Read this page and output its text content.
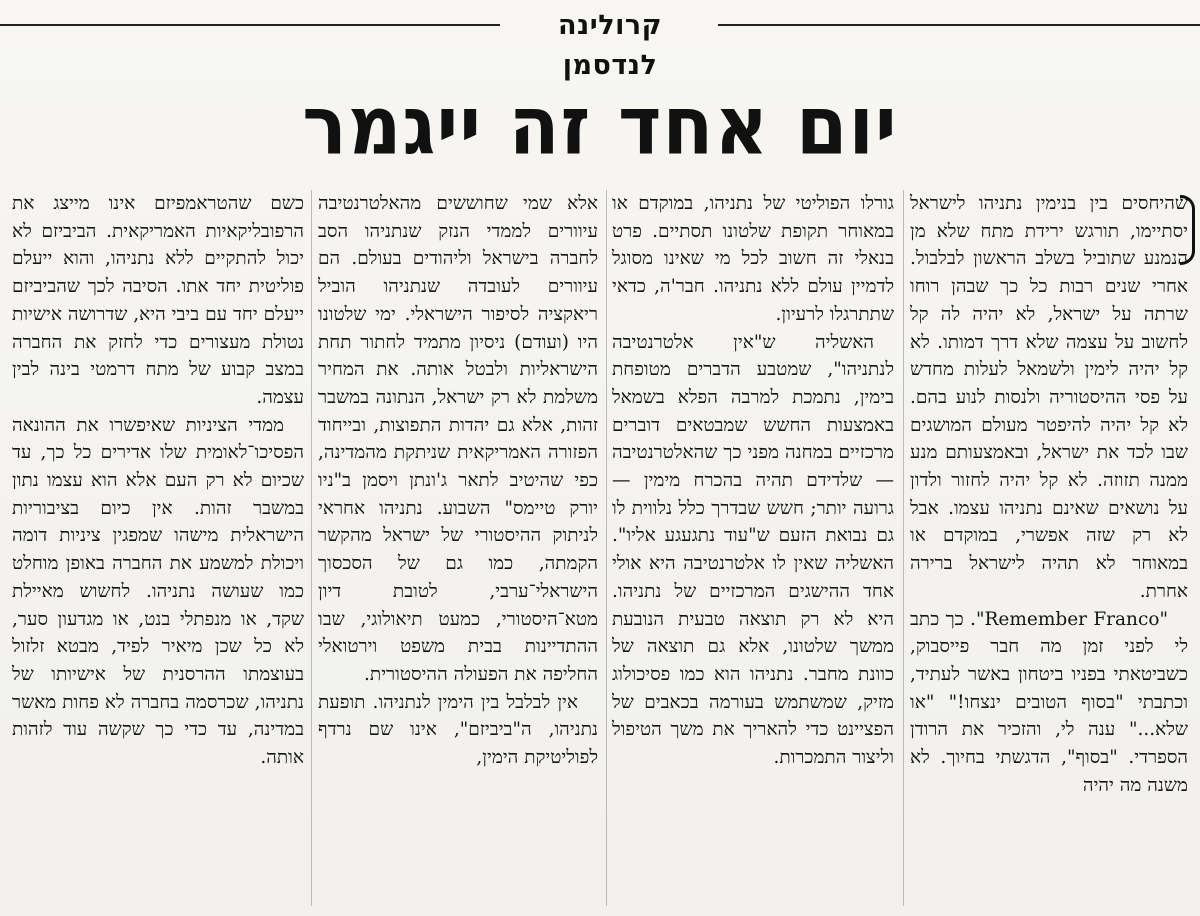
קרולינה לנדסמן
יום אחד זה ייגמר

שהיחסים בין בנימין נתניהו לישראל יסתיימו, תורגש ירידת מתח שלא מן הנמנע שתוביל בשלב הראשון לבלבול. אחרי שנים רבות כל כך שבהן רוחו שרתה על ישראל, לא יהיה לה קל לחשוב על עצמה שלא דרך דמותו. לא קל יהיה לימין ולשמאל לעלות מחדש על פסי ההיסטוריה ולנסות לנוע בהם. לא קל יהיה להיפטר מעולם המושגים שבו לכד את ישראל, ובאמצעותם מנע ממנה תזוזה. לא קל יהיה לחזור ולדון על נושאים שאינם נתניהו עצמו. אבל לא רק שזה אפשרי, במוקדם או במאוחר לא תהיה לישראל ברירה אחרת.

"Remember Franco". כך כתב לי לפני זמן מה חבר פייסבוק, כשביטאתי בפניו ביטחון באשר לעתיד, וכתבתי "בסוף הטובים ינצחו!" "או שלא..." ענה לי, והזכיר את הרודן הספרדי. "בסוף", הדגשתי בחיוך. לא משנה מה יהיה

גורלו הפוליטי של נתניהו, במוקדם או במאוחר תקופת שלטונו תסתיים. פרט בנאלי זה חשוב לכל מי שאינו מסוגל לדמיין עולם ללא נתניהו. חבר'ה, כדאי שתתרגלו לרעיון.

האשליה ש"אין אלטרנטיבה לנתניהו", שמטבע הדברים מטופחת בימין, נתמכת למרבה הפלא בשמאל באמצעות החשש שמבטאים דוברים מרכזיים במחנה מפני כך שהאלטרנטיבה — שלדידם תהיה בהכרח מימין — גרועה יותר; חשש שבדרך כלל נלווית לו גם נבואת הזעם ש"עוד נתגעגע אליו". האשליה שאין לו אלטרנטיבה היא אולי אחד ההישגים המרכזיים של נתניהו. היא לא רק תוצאה טבעית הנובעת ממשך שלטונו, אלא גם תוצאה של כוונת מחבר. נתניהו הוא כמו פסיכולוג מזיק, שמשתמש בעורמה בכאבים של הפציינט כדי להאריך את משך הטיפול וליצור התמכרות.

אלא שמי שחוששים מהאלטרנטיבה עיוורים לממדי הנזק שנתניהו הסב לחברה בישראל וליהודים בעולם. הם עיוורים לעובדה שנתניהו הוביל ריאקציה לסיפור הישראלי. ימי שלטונו היו (ועודם) ניסיון מתמיד לחתור תחת הישראליות ולבטל אותה. את המחיר משלמת לא רק ישראל, הנתונה במשבר זהות, אלא גם יהדות התפוצות, ובייחוד הפזורה האמריקאית שניתקת מהמדינה, כפי שהיטיב לתאר ג'ונתן ויסמן ב"ניו יורק טיימס" השבוע. נתניהו אחראי לניתוק ההיסטורי של ישראל מהקשר הקמתה, כמו גם של הסכסוך הישראלי־ערבי, לטובת דיון מטא־היסטורי, כמעט תיאולוגי, שבו ההתדיינות בבית משפט וירטואלי החליפה את הפעולה ההיסטורית.

אין לבלבל בין הימין לנתניהו. תופעת נתניהו, ה"ביביזם", אינו שם נרדף לפוליטיקת הימין,

כשם שהטראמפיזם אינו מייצג את הרפובליקאיות האמריקאית. הביביזם לא יכול להתקיים ללא נתניהו, והוא ייעלם פוליטית יחד אתו. הסיבה לכך שהביביזם ייעלם יחד עם ביבי היא, שדרושה אישיות נטולת מעצורים כדי לחזק את החברה במצב קבוע של מתח דרמטי בינה לבין עצמה.

ממדי הציניות שאיפשרו את ההונאה הפסיכו־לאומית שלו אדירים כל כך, עד שכיום לא רק העם אלא הוא עצמו נתון במשבר זהות. אין כיום בציבוריות הישראלית מישהו שמפגין ציניות דומה ויכולת למשמע את החברה באופן מוחלט כמו שעושה נתניהו. לחשוש מאיילת שקד, או מנפתלי בנט, או מגדעון סער, לא כל שכן מיאיר לפיד, מבטא זלזול בעוצמתו ההרסנית של אישיותו של נתניהו, שכרסמה בחברה לא פחות מאשר במדינה, עד כדי כך שקשה עוד לזהות אותה.
